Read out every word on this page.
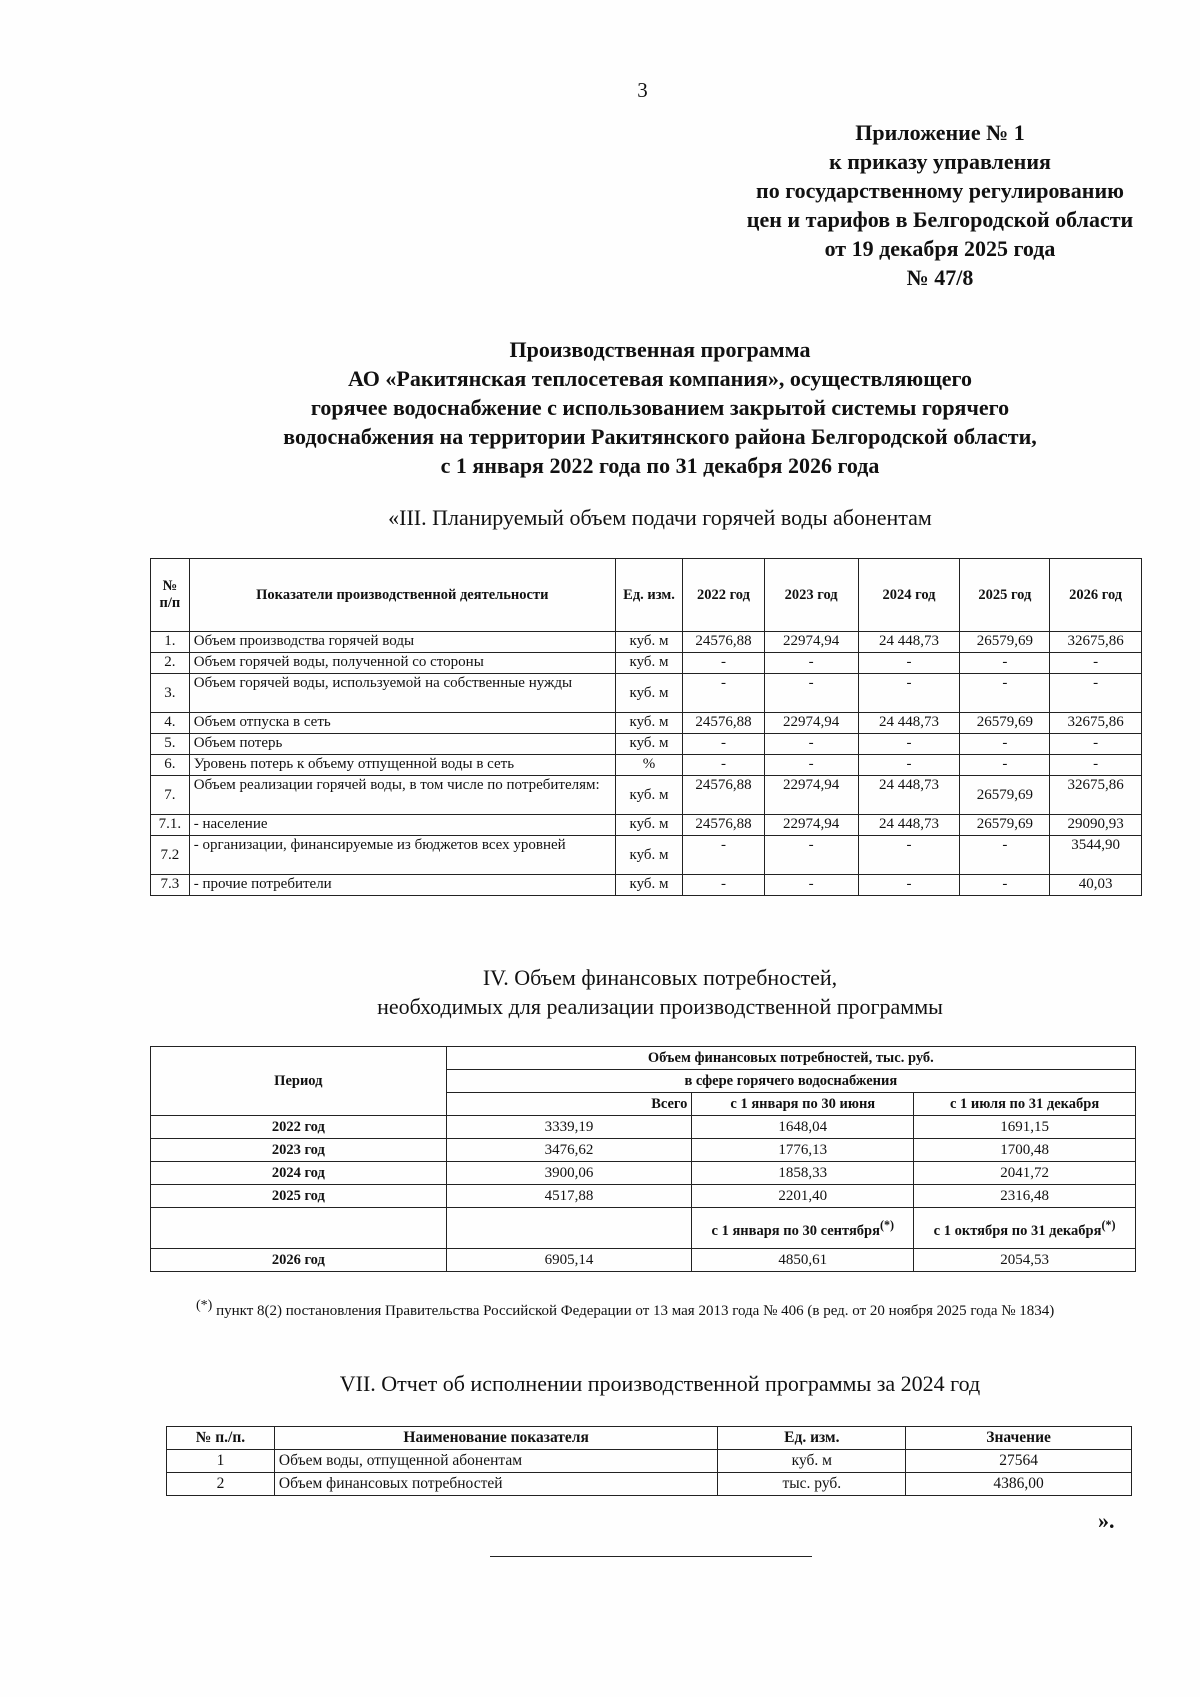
3
Приложение № 1
к приказу управления
по государственному регулированию
цен и тарифов в Белгородской области
от 19 декабря 2025 года
№ 47/8
Производственная программа
АО «Ракитянская теплосетевая компания», осуществляющего
горячее водоснабжение с использованием закрытой системы горячего
водоснабжения на территории Ракитянского района Белгородской области,
с 1 января 2022 года по 31 декабря 2026 года
«III. Планируемый объем подачи горячей воды абонентам
№ п/п	Показатели производственной деятельности	Ед. изм.	2022 год	2023 год	2024 год	2025 год	2026 год
1.	Объем производства горячей воды	куб. м	24576,88	22974,94	24 448,73	26579,69	32675,86
2.	Объем горячей воды, полученной со стороны	куб. м	-	-	-	-	-
3.	Объем горячей воды, используемой на собственные нужды	куб. м	-	-	-	-	-
4.	Объем отпуска в сеть	куб. м	24576,88	22974,94	24 448,73	26579,69	32675,86
5.	Объем потерь	куб. м	-	-	-	-	-
6.	Уровень потерь к объему отпущенной воды в сеть	%	-	-	-	-	-
7.	Объем реализации горячей воды, в том числе по потребителям:	куб. м	24576,88	22974,94	24 448,73	26579,69	32675,86
7.1.	- население	куб. м	24576,88	22974,94	24 448,73	26579,69	29090,93
7.2	- организации, финансируемые из бюджетов всех уровней	куб. м	-	-	-	-	3544,90
7.3	- прочие потребители	куб. м	-	-	-	-	40,03
IV. Объем финансовых потребностей,
необходимых для реализации производственной программы
Период	Объем финансовых потребностей, тыс. руб.		
	в сфере горячего водоснабжения		
	Всего	с 1 января по 30 июня	с 1 июля по 31 декабря
2022 год	3339,19	1648,04	1691,15
2023 год	3476,62	1776,13	1700,48
2024 год	3900,06	1858,33	2041,72
2025 год	4517,88	2201,40	2316,48
		с 1 января по 30 сентября(*)	с 1 октября по 31 декабря(*)
2026 год	6905,14	4850,61	2054,53
(*) пункт 8(2) постановления Правительства Российской Федерации от 13 мая 2013 года № 406 (в ред. от 20 ноября 2025 года № 1834)
VII. Отчет об исполнении производственной программы за 2024 год
№ п./п.	Наименование показателя	Ед. изм.	Значение
1	Объем воды, отпущенной абонентам	куб. м	27564
2	Объем финансовых потребностей	тыс. руб.	4386,00
».
